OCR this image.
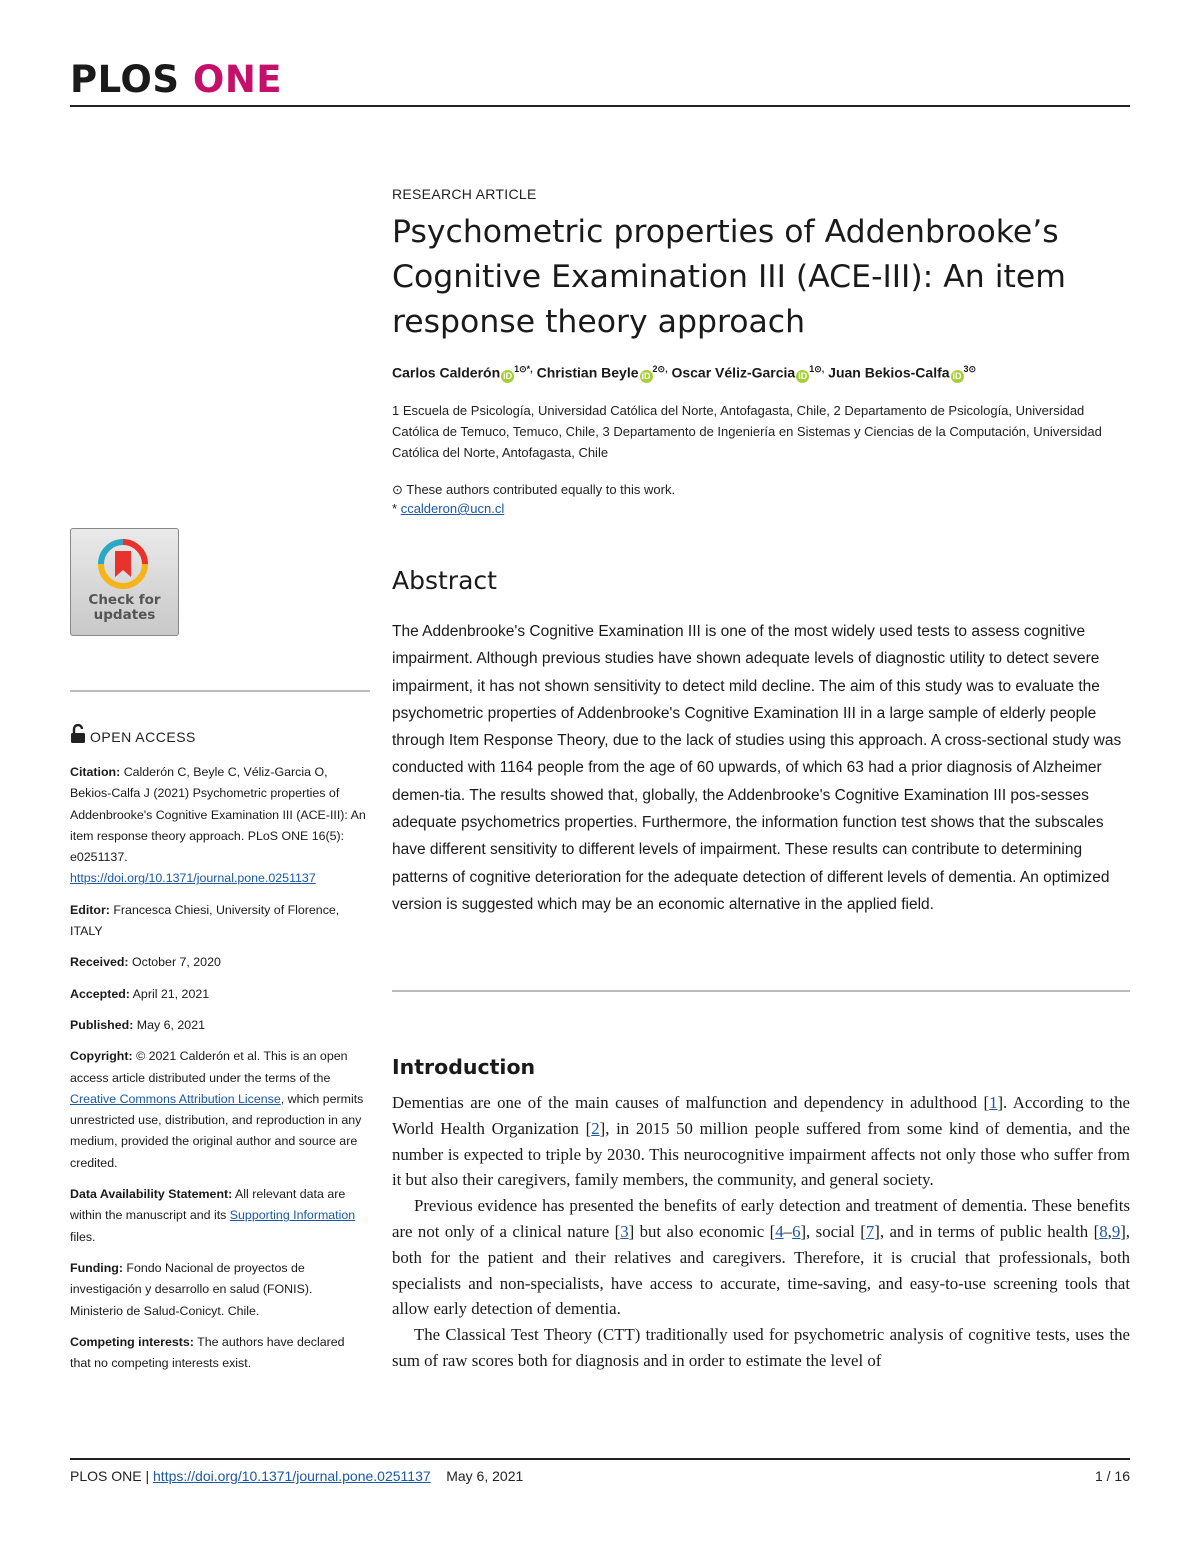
PLOS ONE
RESEARCH ARTICLE
Psychometric properties of Addenbrooke’s Cognitive Examination III (ACE-III): An item response theory approach
Carlos Calderón $iD^{1⊙*,}$ Christian Beyle $iD^{2⊙,}$ Oscar Véliz-Garcia $iD^{1⊙,}$ Juan Bekios-Calfa $iD^{3⊙}$

1 Escuela de Psicología, Universidad Católica del Norte, Antofagasta, Chile, 2 Departamento de Psicología, Universidad Católica de Temuco, Temuco, Chile, 3 Departamento de Ingeniería en Sistemas y Ciencias de la Computación, Universidad Católica del Norte, Antofagasta, Chile

⊙ These authors contributed equally to this work.
* ccalderon@ucn.cl
Abstract

The Addenbrooke's Cognitive Examination III is one of the most widely used tests to assess cognitive impairment. Although previous studies have shown adequate levels of diagnostic utility to detect severe impairment, it has not shown sensitivity to detect mild decline. The aim of this study was to evaluate the psychometric properties of Addenbrooke's Cognitive Examination III in a large sample of elderly people through Item Response Theory, due to the lack of studies using this approach. A cross-sectional study was conducted with 1164 people from the age of 60 upwards, of which 63 had a prior diagnosis of Alzheimer demen-tia. The results showed that, globally, the Addenbrooke's Cognitive Examination III pos-sesses adequate psychometrics properties. Furthermore, the information function test shows that the subscales have different sensitivity to different levels of impairment. These results can contribute to determining patterns of cognitive deterioration for the adequate detection of different levels of dementia. An optimized version is suggested which may be an economic alternative in the applied field.

Introduction

Dementias are one of the main causes of malfunction and dependency in adulthood [1]. According to the World Health Organization [2], in 2015 50 million people suffered from some kind of dementia, and the number is expected to triple by 2030. This neurocognitive impairment affects not only those who suffer from it but also their caregivers, family members, the community, and general society.

Previous evidence has presented the benefits of early detection and treatment of dementia. These benefits are not only of a clinical nature [3] but also economic [4–6], social [7], and in terms of public health [8,9], both for the patient and their relatives and caregivers. Therefore, it is crucial that professionals, both specialists and non-specialists, have access to accurate, time-saving, and easy-to-use screening tools that allow early detection of dementia.

The Classical Test Theory (CTT) traditionally used for psychometric analysis of cognitive tests, uses the sum of raw scores both for diagnosis and in order to estimate the level of

Check for
updates
OPEN ACCESS
Citation: Calderón C, Beyle C, Véliz-Garcia O, Bekios-Calfa J (2021) Psychometric properties of Addenbrooke's Cognitive Examination III (ACE-III): An item response theory approach. PLoS ONE 16(5): e0251137. https://doi.org/10.1371/journal.pone.0251137
Editor: Francesca Chiesi, University of Florence, ITALY
Received: October 7, 2020
Accepted: April 21, 2021
Published: May 6, 2021
Copyright: © 2021 Calderón et al. This is an open access article distributed under the terms of the Creative Commons Attribution License, which permits unrestricted use, distribution, and reproduction in any medium, provided the original author and source are credited.
Data Availability Statement: All relevant data are within the manuscript and its Supporting Information files.
Funding: Fondo Nacional de proyectos de investigación y desarrollo en salud (FONIS). Ministerio de Salud-Conicyt. Chile.
Competing interests: The authors have declared that no competing interests exist.
PLOS ONE | https://doi.org/10.1371/journal.pone.0251137 May 6, 2021	1 / 16
